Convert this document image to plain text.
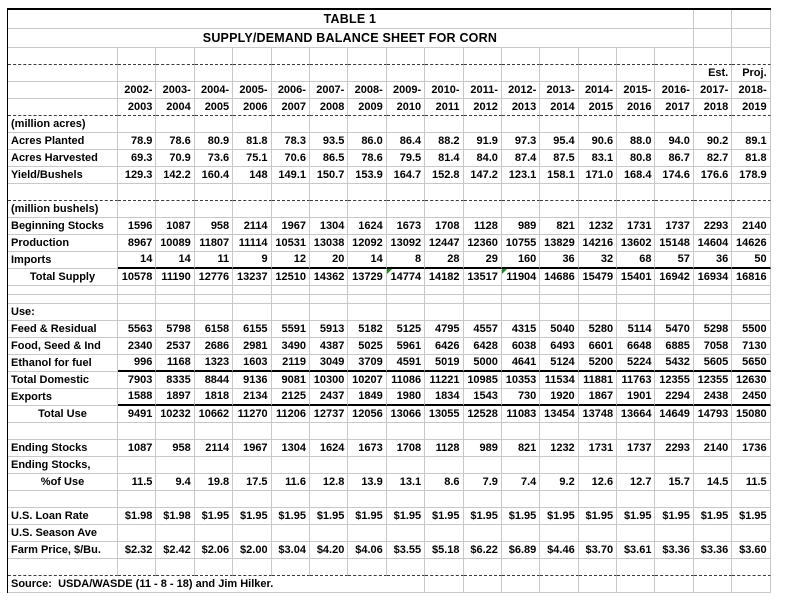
TABLE 1																	
SUPPLY/DEMAND BALANCE SHEET FOR CORN																	

																Est.	Proj.
	2002-	2003-	2004-	2005-	2006-	2007-	2008-	2009-	2010-	2011-	2012-	2013-	2014-	2015-	2016-	2017-	2018-
	2003	2004	2005	2006	2007	2008	2009	2010	2011	2012	2013	2014	2015	2016	2017	2018	2019
(million acres)																	
Acres Planted	78.9	78.6	80.9	81.8	78.3	93.5	86.0	86.4	88.2	91.9	97.3	95.4	90.6	88.0	94.0	90.2	89.1
Acres Harvested	69.3	70.9	73.6	75.1	70.6	86.5	78.6	79.5	81.4	84.0	87.4	87.5	83.1	80.8	86.7	82.7	81.8
Yield/Bushels	129.3	142.2	160.4	148	149.1	150.7	153.9	164.7	152.8	147.2	123.1	158.1	171.0	168.4	174.6	176.6	178.9

(million bushels)																	
Beginning Stocks	1596	1087	958	2114	1967	1304	1624	1673	1708	1128	989	821	1232	1731	1737	2293	2140
Production	8967	10089	11807	11114	10531	13038	12092	13092	12447	12360	10755	13829	14216	13602	15148	14604	14626
Imports	14	14	11	9	12	20	14	8	28	29	160	36	32	68	57	36	50
Total Supply	10578	11190	12776	13237	12510	14362	13729	14774	14182	13517	11904	14686	15479	15401	16942	16934	16816

Use:																	
Feed & Residual	5563	5798	6158	6155	5591	5913	5182	5125	4795	4557	4315	5040	5280	5114	5470	5298	5500
Food, Seed & Ind	2340	2537	2686	2981	3490	4387	5025	5961	6426	6428	6038	6493	6601	6648	6885	7058	7130
Ethanol for fuel	996	1168	1323	1603	2119	3049	3709	4591	5019	5000	4641	5124	5200	5224	5432	5605	5650
Total Domestic	7903	8335	8844	9136	9081	10300	10207	11086	11221	10985	10353	11534	11881	11763	12355	12355	12630
Exports	1588	1897	1818	2134	2125	2437	1849	1980	1834	1543	730	1920	1867	1901	2294	2438	2450
Total Use	9491	10232	10662	11270	11206	12737	12056	13066	13055	12528	11083	13454	13748	13664	14649	14793	15080

Ending Stocks	1087	958	2114	1967	1304	1624	1673	1708	1128	989	821	1232	1731	1737	2293	2140	1736
Ending Stocks,																	
%of Use	11.5	9.4	19.8	17.5	11.6	12.8	13.9	13.1	8.6	7.9	7.4	9.2	12.6	12.7	15.7	14.5	11.5

U.S. Loan Rate	$1.98	$1.98	$1.95	$1.95	$1.95	$1.95	$1.95	$1.95	$1.95	$1.95	$1.95	$1.95	$1.95	$1.95	$1.95	$1.95	$1.95
U.S. Season Ave																	
Farm Price, $/Bu.	$2.32	$2.42	$2.06	$2.00	$3.04	$4.20	$4.06	$3.55	$5.18	$6.22	$6.89	$4.46	$3.70	$3.61	$3.36	$3.36	$3.60

Source:  USDA/WASDE (11 - 8 - 18) and Jim Hilker.																	
